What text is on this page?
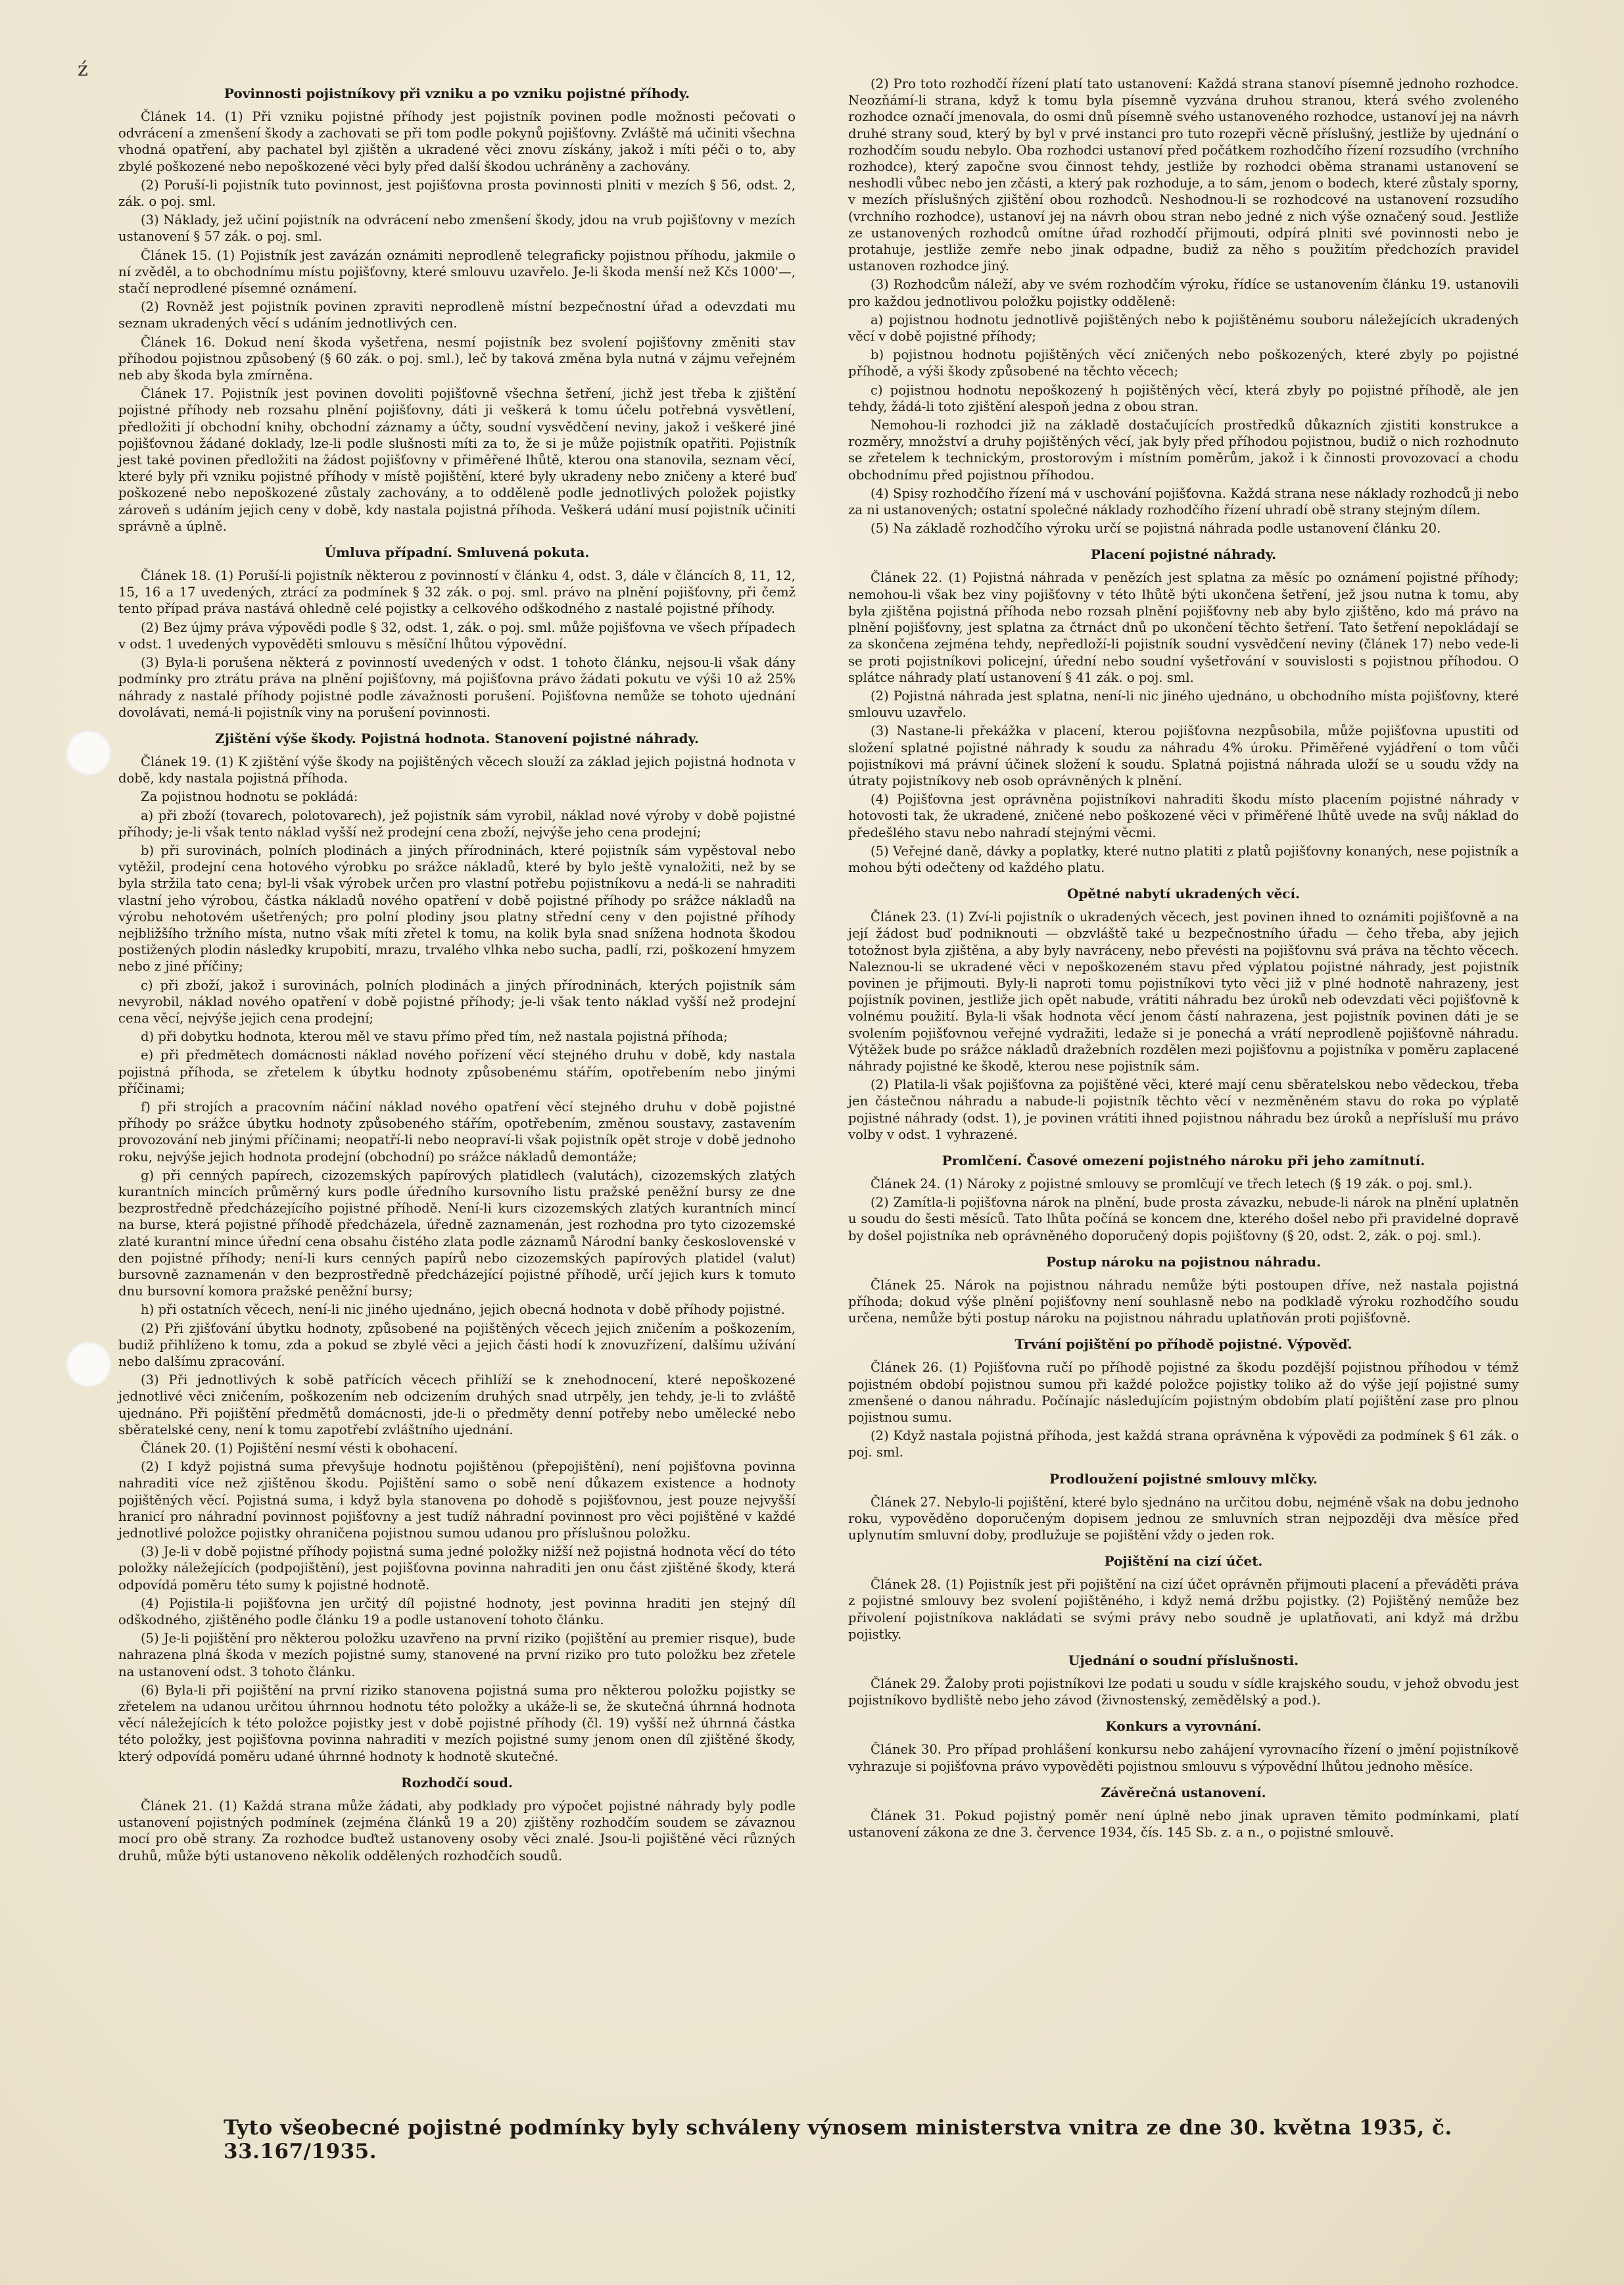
ź
Povinnosti pojistníkovy při vzniku a po vzniku pojistné příhody.

Článek 14. (1) Při vzniku pojistné příhody jest pojistník povinen podle možnosti pečovati o odvrácení a zmenšení škody a zachovati se při tom podle pokynů pojišťovny. Zvláště má učiniti všechna vhodná opatření, aby pachatel byl zjištěn a ukradené věci znovu získány, jakož i míti péči o to, aby zbylé poškozené nebo nepoškozené věci byly před další škodou uchráněny a zachovány.

(2) Poruší-li pojistník tuto povinnost, jest pojišťovna prosta povinnosti plniti v mezích § 56, odst. 2, zák. o poj. sml.

(3) Náklady, jež učiní pojistník na odvrácení nebo zmenšení škody, jdou na vrub pojišťovny v mezích ustanovení § 57 zák. o poj. sml.

Článek 15. (1) Pojistník jest zavázán oznámiti neprodleně telegraficky pojistnou příhodu, jakmile o ní zvěděl, a to obchodnímu místu pojišťovny, které smlouvu uzavřelo. Je-li škoda menší než Kčs 1000'—, stačí neprodlené písemné oznámení.

(2) Rovněž jest pojistník povinen zpraviti neprodleně místní bezpečnostní úřad a odevzdati mu seznam ukradených věcí s udáním jednotlivých cen.

Článek 16. Dokud není škoda vyšetřena, nesmí pojistník bez svolení pojišťovny změniti stav příhodou pojistnou způsobený (§ 60 zák. o poj. sml.), leč by taková změna byla nutná v zájmu veřejném neb aby škoda byla zmírněna.

Článek 17. Pojistník jest povinen dovoliti pojišťovně všechna šetření, jichž jest třeba k zjištění pojistné příhody neb rozsahu plnění pojišťovny, dáti ji veškerá k tomu účelu potřebná vysvětlení, předložiti jí obchodní knihy, obchodní záznamy a účty, soudní vysvědčení neviny, jakož i veškeré jiné pojišťovnou žádané doklady, lze-li podle slušnosti míti za to, že si je může pojistník opatřiti. Pojistník jest také povinen předložiti na žádost pojišťovny v přiměřené lhůtě, kterou ona stanovila, seznam věcí, které byly při vzniku pojistné příhody v místě pojištění, které byly ukradeny nebo zničeny a které buď poškozené nebo nepoškozené zůstaly zachovány, a to odděleně podle jednotlivých položek pojistky zároveň s udáním jejich ceny v době, kdy nastala pojistná příhoda. Veškerá udání musí pojistník učiniti správně a úplně.

Úmluva případní. Smluvená pokuta.

Článek 18. (1) Poruší-li pojistník některou z povinností v článku 4, odst. 3, dále v článcích 8, 11, 12, 15, 16 a 17 uvedených, ztrácí za podmínek § 32 zák. o poj. sml. právo na plnění pojišťovny, při čemž tento případ práva nastává ohledně celé pojistky a celkového odškodného z nastalé pojistné příhody.

(2) Bez újmy práva výpovědi podle § 32, odst. 1, zák. o poj. sml. může pojišťovna ve všech případech v odst. 1 uvedených vypověděti smlouvu s měsíční lhůtou výpovědní.

(3) Byla-li porušena některá z povinností uvedených v odst. 1 tohoto článku, nejsou-li však dány podmínky pro ztrátu práva na plnění pojišťovny, má pojišťovna právo žádati pokutu ve výši 10 až 25% náhrady z nastalé příhody pojistné podle závažnosti porušení. Pojišťovna nemůže se tohoto ujednání dovolávati, nemá-li pojistník viny na porušení povinnosti.

Zjištění výše škody. Pojistná hodnota. Stanovení pojistné náhrady.

Článek 19. (1) K zjištění výše škody na pojištěných věcech slouží za základ jejich pojistná hodnota v době, kdy nastala pojistná příhoda.

Za pojistnou hodnotu se pokládá:

a) při zboží (tovarech, polotovarech), jež pojistník sám vyrobil, náklad nové výroby v době pojistné příhody; je-li však tento náklad vyšší než prodejní cena zboží, nejvýše jeho cena prodejní;

b) při surovinách, polních plodinách a jiných přírodninách, které pojistník sám vypěstoval nebo vytěžil, prodejní cena hotového výrobku po srážce nákladů, které by bylo ještě vynaložiti, než by se byla stržila tato cena; byl-li však výrobek určen pro vlastní potřebu pojistníkovu a nedá-li se nahraditi vlastní jeho výrobou, částka nákladů nového opatření v době pojistné příhody po srážce nákladů na výrobu nehotovém ušetřených; pro polní plodiny jsou platny střední ceny v den pojistné příhody nejbližšího tržního místa, nutno však míti zřetel k tomu, na kolik byla snad snížena hodnota škodou postižených plodin následky krupobití, mrazu, trvalého vlhka nebo sucha, padlí, rzi, poškození hmyzem nebo z jiné příčiny;

c) při zboží, jakož i surovinách, polních plodinách a jiných přírodninách, kterých pojistník sám nevyrobil, náklad nového opatření v době pojistné příhody; je-li však tento náklad vyšší než prodejní cena věcí, nejvýše jejich cena prodejní;

d) při dobytku hodnota, kterou měl ve stavu přímo před tím, než nastala pojistná příhoda;

e) při předmětech domácnosti náklad nového pořízení věcí stejného druhu v době, kdy nastala pojistná příhoda, se zřetelem k úbytku hodnoty způsobenému stářím, opotřebením nebo jinými příčinami;

f) při strojích a pracovním náčiní náklad nového opatření věcí stejného druhu v době pojistné příhody po srážce úbytku hodnoty způsobeného stářím, opotřebením, změnou soustavy, zastavením provozování neb jinými příčinami; neopatří-li nebo neopraví-li však pojistník opět stroje v době jednoho roku, nejvýše jejich hodnota prodejní (obchodní) po srážce nákladů demontáže;

g) při cenných papírech, cizozemských papírových platidlech (valutách), cizozemských zlatých kurantních mincích průměrný kurs podle úředního kursovního listu pražské peněžní bursy ze dne bezprostředně předcházejícího pojistné příhodě. Není-li kurs cizozemských zlatých kurantních mincí na burse, která pojistné příhodě předcházela, úředně zaznamenán, jest rozhodna pro tyto cizozemské zlaté kurantní mince úřední cena obsahu čistého zlata podle záznamů Národní banky československé v den pojistné příhody; není-li kurs cenných papírů nebo cizozemských papírových platidel (valut) bursovně zaznamenán v den bezprostředně předcházející pojistné příhodě, určí jejich kurs k tomuto dnu bursovní komora pražské peněžní bursy;

h) při ostatních věcech, není-li nic jiného ujednáno, jejich obecná hodnota v době příhody pojistné.

(2) Při zjišťování úbytku hodnoty, způsobené na pojištěných věcech jejich zničením a poškozením, budiž přihlíženo k tomu, zda a pokud se zbylé věci a jejich části hodí k znovuzřízení, dalšímu užívání nebo dalšímu zpracování.

(3) Při jednotlivých k sobě patřících věcech přihlíží se k znehodnocení, které nepoškozené jednotlivé věci zničením, poškozením neb odcizením druhých snad utrpěly, jen tehdy, je-li to zvláště ujednáno. Při pojištění předmětů domácnosti, jde-li o předměty denní potřeby nebo umělecké nebo sběratelské ceny, není k tomu zapotřebí zvláštního ujednání.

Článek 20. (1) Pojištění nesmí vésti k obohacení.

(2) I když pojistná suma převyšuje hodnotu pojištěnou (přepojištění), není pojišťovna povinna nahraditi více než zjištěnou škodu. Pojištění samo o sobě není důkazem existence a hodnoty pojištěných věcí. Pojistná suma, i když byla stanovena po dohodě s pojišťovnou, jest pouze nejvyšší hranicí pro náhradní povinnost pojišťovny a jest tudíž náhradní povinnost pro věci pojištěné v každé jednotlivé položce pojistky ohraničena pojistnou sumou udanou pro příslušnou položku.

(3) Je-li v době pojistné příhody pojistná suma jedné položky nižší než pojistná hodnota věcí do této položky náležejících (podpojištění), jest pojišťovna povinna nahraditi jen onu část zjištěné škody, která odpovídá poměru této sumy k pojistné hodnotě.

(4) Pojistila-li pojišťovna jen určitý díl pojistné hodnoty, jest povinna hraditi jen stejný díl odškodného, zjištěného podle článku 19 a podle ustanovení tohoto článku.

(5) Je-li pojištění pro některou položku uzavřeno na první riziko (pojištění au premier risque), bude nahrazena plná škoda v mezích pojistné sumy, stanovené na první riziko pro tuto položku bez zřetele na ustanovení odst. 3 tohoto článku.

(6) Byla-li při pojištění na první riziko stanovena pojistná suma pro některou položku pojistky se zřetelem na udanou určitou úhrnnou hodnotu této položky a ukáže-li se, že skutečná úhrnná hodnota věcí náležejících k této položce pojistky jest v době pojistné příhody (čl. 19) vyšší než úhrnná částka této položky, jest pojišťovna povinna nahraditi v mezích pojistné sumy jenom onen díl zjištěné škody, který odpovídá poměru udané úhrnné hodnoty k hodnotě skutečné.

Rozhodčí soud.

Článek 21. (1) Každá strana může žádati, aby podklady pro výpočet pojistné náhrady byly podle ustanovení pojistných podmínek (zejména článků 19 a 20) zjištěny rozhodčím soudem se závaznou mocí pro obě strany. Za rozhodce buďtež ustanoveny osoby věci znalé. Jsou-li pojištěné věci různých druhů, může býti ustanoveno několik oddělených rozhodčích soudů.

(2) Pro toto rozhodčí řízení platí tato ustanovení: Každá strana stanoví písemně jednoho rozhodce. Neozňámí-li strana, když k tomu byla písemně vyzvána druhou stranou, která svého zvoleného rozhodce označí jmenovala, do osmi dnů písemně svého ustanoveného rozhodce, ustanoví jej na návrh druhé strany soud, který by byl v prvé instanci pro tuto rozepři věcně příslušný, jestliže by ujednání o rozhodčím soudu nebylo. Oba rozhodci ustanoví před počátkem rozhodčího řízení rozsudího (vrchního rozhodce), který započne svou činnost tehdy, jestliže by rozhodci oběma stranami ustanovení se neshodli vůbec nebo jen zčásti, a který pak rozhoduje, a to sám, jenom o bodech, které zůstaly sporny, v mezích příslušných zjištění obou rozhodců. Neshodnou-li se rozhodcové na ustanovení rozsudího (vrchního rozhodce), ustanoví jej na návrh obou stran nebo jedné z nich výše označený soud. Jestliže ze ustanovených rozhodců omítne úřad rozhodčí přijmouti, odpírá plniti své povinnosti nebo je protahuje, jestliže zemře nebo jinak odpadne, budiž za něho s použitím předchozích pravidel ustanoven rozhodce jiný.

(3) Rozhodcům náleží, aby ve svém rozhodčím výroku, řídíce se ustanovením článku 19. ustanovili pro každou jednotlivou položku pojistky odděleně:

a) pojistnou hodnotu jednotlivě pojištěných nebo k pojištěnému souboru náležejících ukradených věcí v době pojistné příhody;

b) pojistnou hodnotu pojištěných věcí zničených nebo poškozených, které zbyly po pojistné příhodě, a výši škody způsobené na těchto věcech;

c) pojistnou hodnotu nepoškozený h pojištěných věcí, která zbyly po pojistné příhodě, ale jen tehdy, žádá-li toto zjištění alespoň jedna z obou stran.

Nemohou-li rozhodci již na základě dostačujících prostředků důkazních zjistiti konstrukce a rozměry, množství a druhy pojištěných věcí, jak byly před příhodou pojistnou, budiž o nich rozhodnuto se zřetelem k technickým, prostorovým i místním poměrům, jakož i k činnosti provozovací a chodu obchodnímu před pojistnou příhodou.

(4) Spisy rozhodčího řízení má v uschování pojišťovna. Každá strana nese náklady rozhodců ji nebo za ni ustanovených; ostatní společné náklady rozhodčího řízení uhradí obě strany stejným dílem.

(5) Na základě rozhodčího výroku určí se pojistná náhrada podle ustanovení článku 20.

Placení pojistné náhrady.

Článek 22. (1) Pojistná náhrada v penězích jest splatna za měsíc po oznámení pojistné příhody; nemohou-li však bez viny pojišťovny v této lhůtě býti ukončena šetření, jež jsou nutna k tomu, aby byla zjištěna pojistná příhoda nebo rozsah plnění pojišťovny neb aby bylo zjištěno, kdo má právo na plnění pojišťovny, jest splatna za čtrnáct dnů po ukončení těchto šetření. Tato šetření nepokládají se za skončena zejména tehdy, nepředloží-li pojistník soudní vysvědčení neviny (článek 17) nebo vede-li se proti pojistníkovi policejní, úřední nebo soudní vyšetřování v souvislosti s pojistnou příhodou. O splátce náhrady platí ustanovení § 41 zák. o poj. sml.

(2) Pojistná náhrada jest splatna, není-li nic jiného ujednáno, u obchodního místa pojišťovny, které smlouvu uzavřelo.

(3) Nastane-li překážka v placení, kterou pojišťovna nezpůsobila, může pojišťovna upustiti od složení splatné pojistné náhrady k soudu za náhradu 4% úroku. Přiměřené vyjádření o tom vůči pojistníkovi má právní účinek složení k soudu. Splatná pojistná náhrada uloží se u soudu vždy na útraty pojistníkovy neb osob oprávněných k plnění.

(4) Pojišťovna jest oprávněna pojistníkovi nahraditi škodu místo placením pojistné náhrady v hotovosti tak, že ukradené, zničené nebo poškozené věci v přiměřené lhůtě uvede na svůj náklad do předešlého stavu nebo nahradí stejnými věcmi.

(5) Veřejné daně, dávky a poplatky, které nutno platiti z platů pojišťovny konaných, nese pojistník a mohou býti odečteny od každého platu.

Opětné nabytí ukradených věcí.

Článek 23. (1) Zví-li pojistník o ukradených věcech, jest povinen ihned to oznámiti pojišťovně a na její žádost buď podniknouti — obzvláště také u bezpečnostního úřadu — čeho třeba, aby jejich totožnost byla zjištěna, a aby byly navráceny, nebo převésti na pojišťovnu svá práva na těchto věcech. Naleznou-li se ukradené věci v nepoškozeném stavu před výplatou pojistné náhrady, jest pojistník povinen je přijmouti. Byly-li naproti tomu pojistníkovi tyto věci již v plné hodnotě nahrazeny, jest pojistník povinen, jestliže jich opět nabude, vrátiti náhradu bez úroků neb odevzdati věci pojišťovně k volnému použití. Byla-li však hodnota věcí jenom částí nahrazena, jest pojistník povinen dáti je se svolením pojišťovnou veřejné vydražiti, ledaže si je ponechá a vrátí neprodleně pojišťovně náhradu. Výtěžek bude po srážce nákladů dražebních rozdělen mezi pojišťovnu a pojistníka v poměru zaplacené náhrady pojistné ke škodě, kterou nese pojistník sám.

(2) Platila-li však pojišťovna za pojištěné věci, které mají cenu sběratelskou nebo vědeckou, třeba jen částečnou náhradu a nabude-li pojistník těchto věcí v nezměněném stavu do roka po výplatě pojistné náhrady (odst. 1), je povinen vrátiti ihned pojistnou náhradu bez úroků a nepřísluší mu právo volby v odst. 1 vyhrazené.

Promlčení. Časové omezení pojistného nároku při jeho zamítnutí.

Článek 24. (1) Nároky z pojistné smlouvy se promlčují ve třech letech (§ 19 zák. o poj. sml.).

(2) Zamítla-li pojišťovna nárok na plnění, bude prosta závazku, nebude-li nárok na plnění uplatněn u soudu do šesti měsíců. Tato lhůta počíná se koncem dne, kterého došel nebo při pravidelné dopravě by došel pojistníka neb oprávněného doporučený dopis pojišťovny (§ 20, odst. 2, zák. o poj. sml.).

Postup nároku na pojistnou náhradu.

Článek 25. Nárok na pojistnou náhradu nemůže býti postoupen dříve, než nastala pojistná příhoda; dokud výše plnění pojišťovny není souhlasně nebo na podkladě výroku rozhodčího soudu určena, nemůže býti postup nároku na pojistnou náhradu uplatňován proti pojišťovně.

Trvání pojištění po příhodě pojistné. Výpověď.

Článek 26. (1) Pojišťovna ručí po příhodě pojistné za škodu pozdější pojistnou příhodou v témž pojistném období pojistnou sumou při každé položce pojistky toliko až do výše její pojistné sumy zmenšené o danou náhradu. Počínajíc následujícím pojistným obdobím platí pojištění zase pro plnou pojistnou sumu.

(2) Když nastala pojistná příhoda, jest každá strana oprávněna k výpovědi za podmínek § 61 zák. o poj. sml.

Prodloužení pojistné smlouvy mlčky.

Článek 27. Nebylo-li pojištění, které bylo sjednáno na určitou dobu, nejméně však na dobu jednoho roku, vypověděno doporučeným dopisem jednou ze smluvních stran nejpozději dva měsíce před uplynutím smluvní doby, prodlužuje se pojištění vždy o jeden rok.

Pojištění na cizí účet.

Článek 28. (1) Pojistník jest při pojištění na cizí účet oprávněn přijmouti placení a převáděti práva z pojistné smlouvy bez svolení pojištěného, i když nemá držbu pojistky. (2) Pojištěný nemůže bez přivolení pojistníkova nakládati se svými právy nebo soudně je uplatňovati, ani když má držbu pojistky.

Ujednání o soudní příslušnosti.

Článek 29. Žaloby proti pojistníkovi lze podati u soudu v sídle krajského soudu, v jehož obvodu jest pojistníkovo bydliště nebo jeho závod (živnostenský, zemědělský a pod.).

Konkurs a vyrovnání.

Článek 30. Pro případ prohlášení konkursu nebo zahájení vyrovnacího řízení o jmění pojistníkově vyhrazuje si pojišťovna právo vypověděti pojistnou smlouvu s výpovědní lhůtou jednoho měsíce.

Závěrečná ustanovení.

Článek 31. Pokud pojistný poměr není úplně nebo jinak upraven těmito podmínkami, platí ustanovení zákona ze dne 3. července 1934, čís. 145 Sb. z. a n., o pojistné smlouvě.

Tyto všeobecné pojistné podmínky byly schváleny výnosem ministerstva vnitra ze dne 30. května 1935, č. 33.167/1935.
